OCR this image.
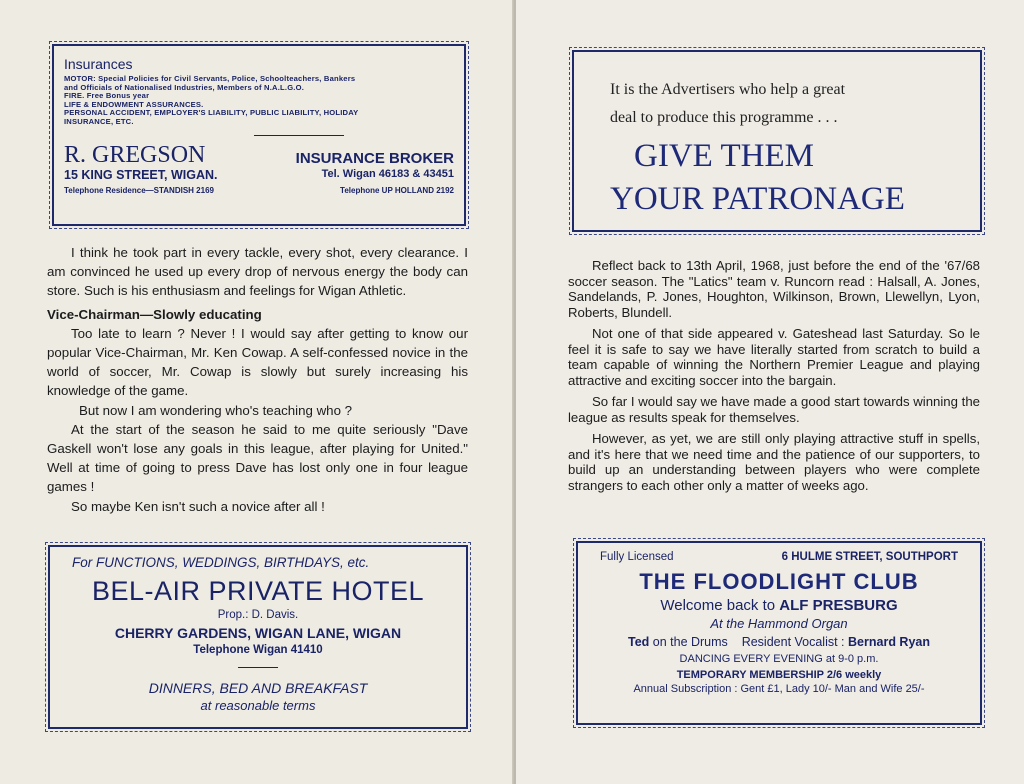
Insurances
MOTOR: Special Policies for Civil Servants, Police, Schoolteachers, Bankers
and Officials of Nationalised Industries, Members of N.A.L.G.O.
FIRE. Free Bonus year
LIFE & ENDOWMENT ASSURANCES.
PERSONAL ACCIDENT, EMPLOYER'S LIABILITY, PUBLIC LIABILITY, HOLIDAY
INSURANCE, ETC.
R. GREGSON	INSURANCE BROKER
15 KING STREET, WIGAN.	Tel. Wigan 46183 & 43451
Telephone Residence—STANDISH 2169	Telephone UP HOLLAND 2192

I think he took part in every tackle, every shot, every clearance. I am convinced he used up every drop of nervous energy the body can store. Such is his enthusiasm and feelings for Wigan Athletic.

Vice-Chairman—Slowly educating

Too late to learn ? Never ! I would say after getting to know our popular Vice-Chairman, Mr. Ken Cowap. A self-confessed novice in the world of soccer, Mr. Cowap is slowly but surely increasing his knowledge of the game.

But now I am wondering who's teaching who ?

At the start of the season he said to me quite seriously "Dave Gaskell won't lose any goals in this league, after playing for United." Well at time of going to press Dave has lost only one in four league games !

So maybe Ken isn't such a novice after all !

For FUNCTIONS, WEDDINGS, BIRTHDAYS, etc.
BEL-AIR PRIVATE HOTEL
Prop.: D. Davis.
CHERRY GARDENS, WIGAN LANE, WIGAN
Telephone Wigan 41410
DINNERS, BED AND BREAKFAST
at reasonable terms
It is the Advertisers who help a great
deal to produce this programme . . .
GIVE THEM
YOUR PATRONAGE

Reflect back to 13th April, 1968, just before the end of the '67/68 soccer season. The "Latics" team v. Runcorn read : Halsall, A. Jones, Sandelands, P. Jones, Houghton, Wilkinson, Brown, Llewellyn, Lyon, Roberts, Blundell.

Not one of that side appeared v. Gateshead last Saturday. So le feel it is safe to say we have literally started from scratch to build a team capable of winning the Northern Premier League and playing attractive and exciting soccer into the bargain.

So far I would say we have made a good start towards winning the league as results speak for themselves.

However, as yet, we are still only playing attractive stuff in spells, and it's here that we need time and the patience of our supporters, to build up an understanding between players who were complete strangers to each other only a matter of weeks ago.

Fully Licensed	6 HULME STREET, SOUTHPORT
THE FLOODLIGHT CLUB
Welcome back to ALF PRESBURG
At the Hammond Organ
Ted on the Drums Resident Vocalist : Bernard Ryan
DANCING EVERY EVENING at 9-0 p.m.
TEMPORARY MEMBERSHIP 2/6 weekly
Annual Subscription : Gent £1, Lady 10/- Man and Wife 25/-
